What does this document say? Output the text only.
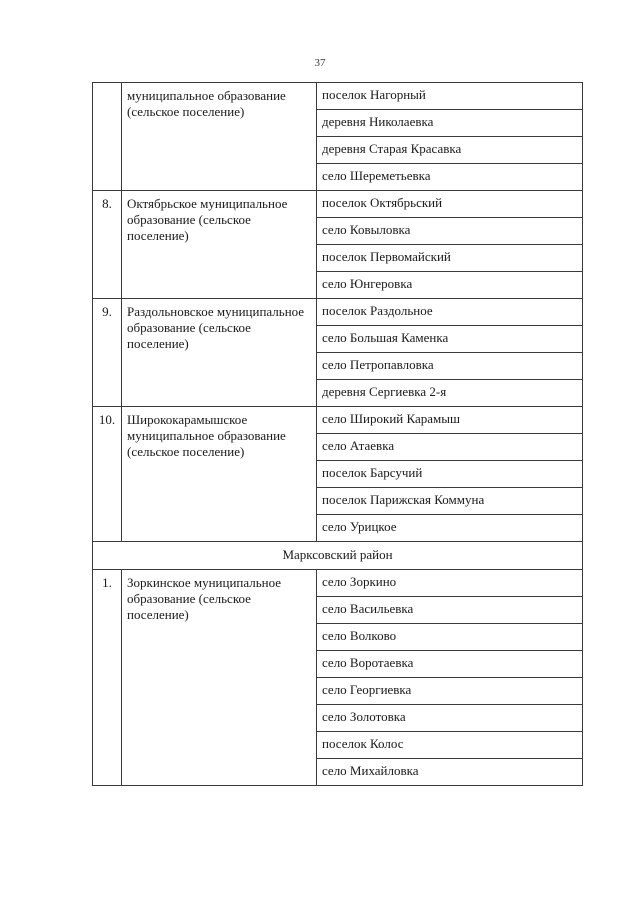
37
	муниципальное образование (сельское поселение)	поселок Нагорный
		деревня Николаевка
		деревня Старая Красавка
		село Шереметьевка
8.	Октябрьское муниципальное образование (сельское поселение)	поселок Октябрьский
		село Ковыловка
		поселок Первомайский
		село Юнгеровка
9.	Раздольновское муниципальное образование (сельское поселение)	поселок Раздольное
		село Большая Каменка
		село Петропавловка
		деревня Сергиевка 2-я
10.	Ширококарамышское муниципальное образование (сельское поселение)	село Широкий Карамыш
		село Атаевка
		поселок Барсучий
		поселок Парижская Коммуна
		село Урицкое
Марксовский район		
1.	Зоркинское муниципальное образование (сельское поселение)	село Зоркино
		село Васильевка
		село Волково
		село Воротаевка
		село Георгиевка
		село Золотовка
		поселок Колос
		село Михайловка
